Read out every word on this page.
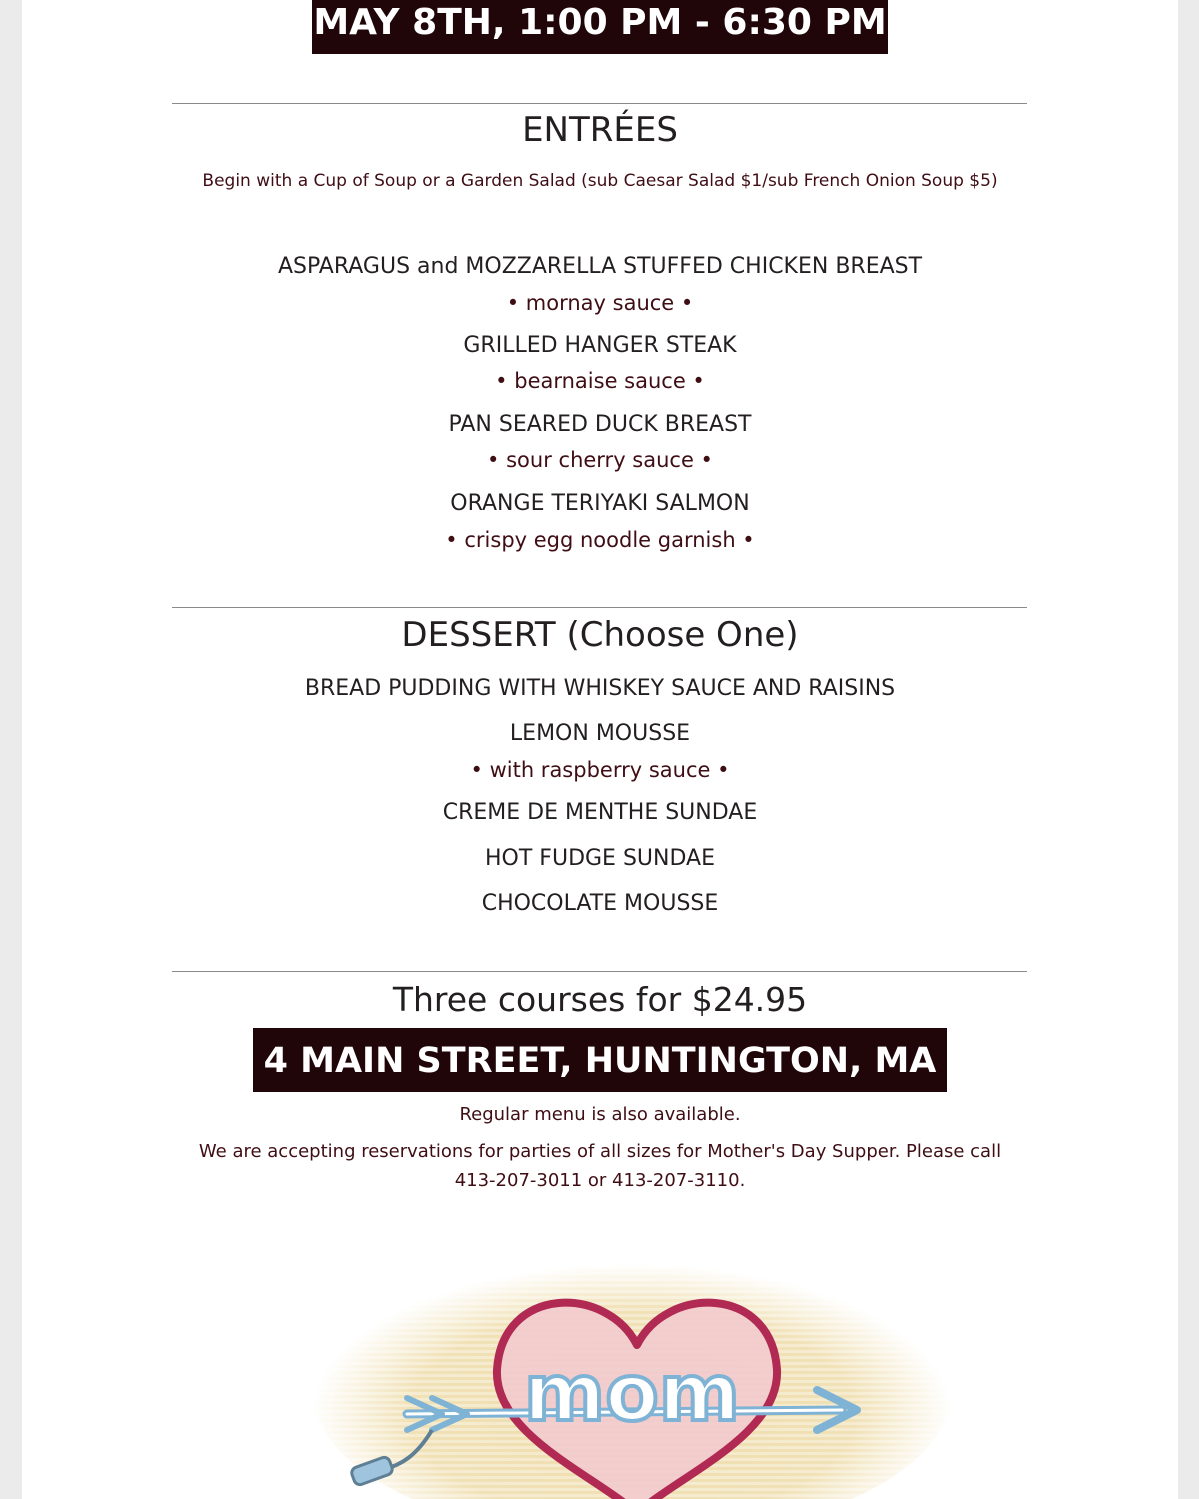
MAY 8TH, 1:00 PM - 6:30 PM
ENTRÉES
Begin with a Cup of Soup or a Garden Salad (sub Caesar Salad $1/sub French Onion Soup $5)
ASPARAGUS and MOZZARELLA STUFFED CHICKEN BREAST
• mornay sauce •
GRILLED HANGER STEAK
• bearnaise sauce •
PAN SEARED DUCK BREAST
• sour cherry sauce •
ORANGE TERIYAKI SALMON
• crispy egg noodle garnish •
DESSERT (Choose One)
BREAD PUDDING WITH WHISKEY SAUCE AND RAISINS
LEMON MOUSSE
• with raspberry sauce •
CREME DE MENTHE SUNDAE
HOT FUDGE SUNDAE
CHOCOLATE MOUSSE
Three courses for $24.95
4 MAIN STREET, HUNTINGTON, MA
Regular menu is also available.
We are accepting reservations for parties of all sizes for Mother's Day Supper. Please call
413-207-3011 or 413-207-3110.
mom
